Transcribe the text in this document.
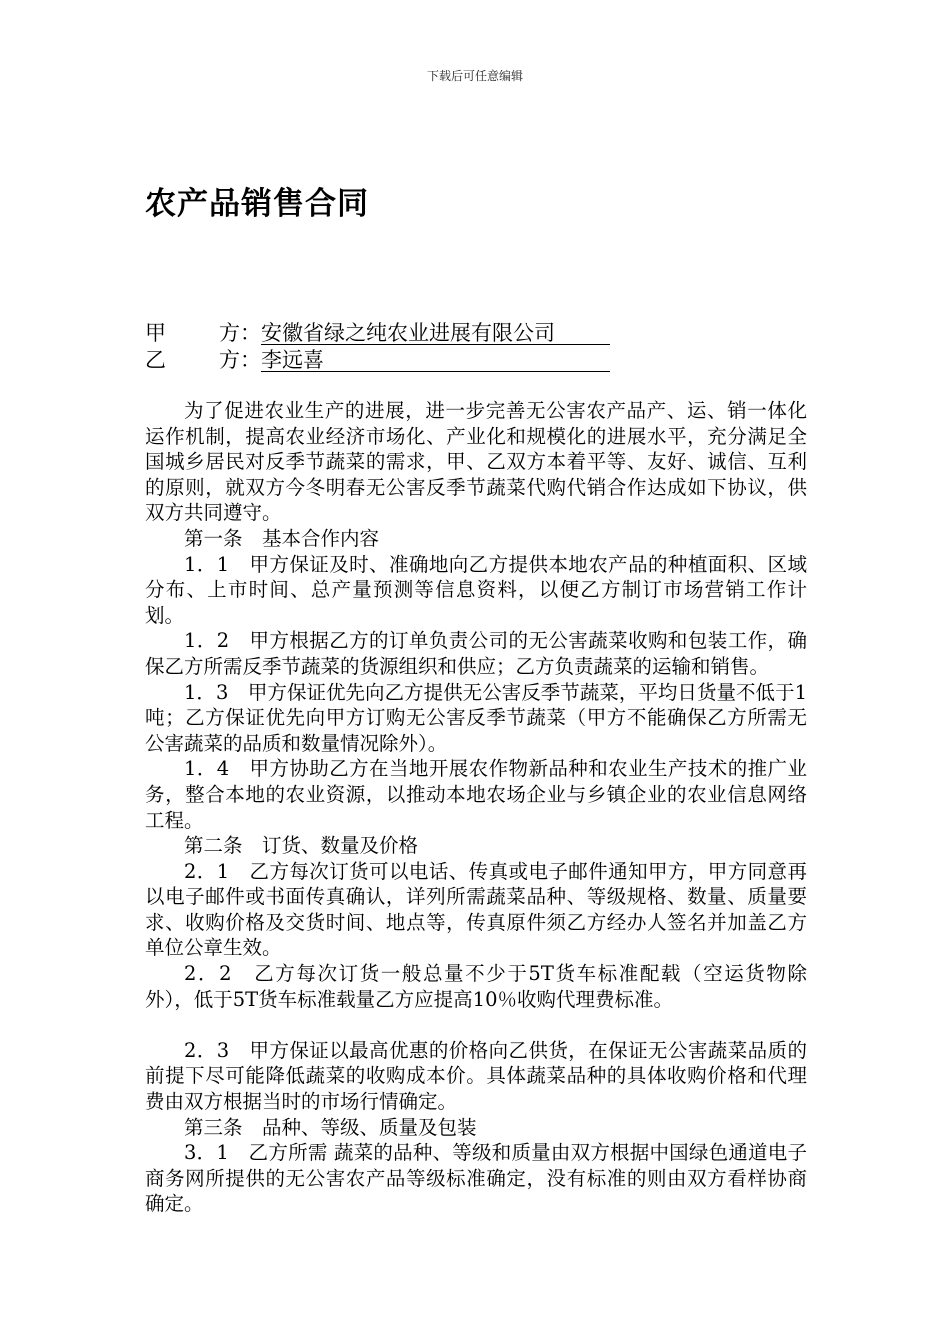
下载后可任意编辑
农产品销售合同
甲	方 ： 安徽省绿之纯农业进展有限公司
乙	方 ： 李远喜

为了促进农业生产的进展，进一步完善无公害农产品产、运、销一体化运作机制，提高农业经济市场化、产业化和规模化的进展水平，充分满足全国城乡居民对反季节蔬菜的需求，甲、乙双方本着平等、友好、诚信、互利的原则，就双方今冬明春无公害反季节蔬菜代购代销合作达成如下协议，供双方共同遵守。

第一条　基本合作内容

1．1　甲方保证及时、准确地向乙方提供本地农产品的种植面积、区域分布、上市时间、总产量预测等信息资料，以便乙方制订市场营销工作计划。

1．2　甲方根据乙方的订单负责公司的无公害蔬菜收购和包装工作，确保乙方所需反季节蔬菜的货源组织和供应；乙方负责蔬菜的运输和销售。

1．3　甲方保证优先向乙方提供无公害反季节蔬菜，平均日货量不低于1吨；乙方保证优先向甲方订购无公害反季节蔬菜（甲方不能确保乙方所需无公害蔬菜的品质和数量情况除外）。

1．4　甲方协助乙方在当地开展农作物新品种和农业生产技术的推广业务，整合本地的农业资源，以推动本地农场企业与乡镇企业的农业信息网络工程。

第二条　订货、数量及价格

2．1　乙方每次订货可以电话、传真或电子邮件通知甲方，甲方同意再以电子邮件或书面传真确认，详列所需蔬菜品种、等级规格、数量、质量要求、收购价格及交货时间、地点等，传真原件须乙方经办人签名并加盖乙方单位公章生效。

2．2　乙方每次订货一般总量不少于5T货车标准配载（空运货物除外），低于5T货车标准载量乙方应提高10％收购代理费标准。

2．3　甲方保证以最高优惠的价格向乙供货，在保证无公害蔬菜品质的前提下尽可能降低蔬菜的收购成本价。具体蔬菜品种的具体收购价格和代理费由双方根据当时的市场行情确定。

第三条　品种、等级、质量及包装

3．1　乙方所需 蔬菜的品种、等级和质量由双方根据中国绿色通道电子商务网所提供的无公害农产品等级标准确定，没有标准的则由双方看样协商确定。
